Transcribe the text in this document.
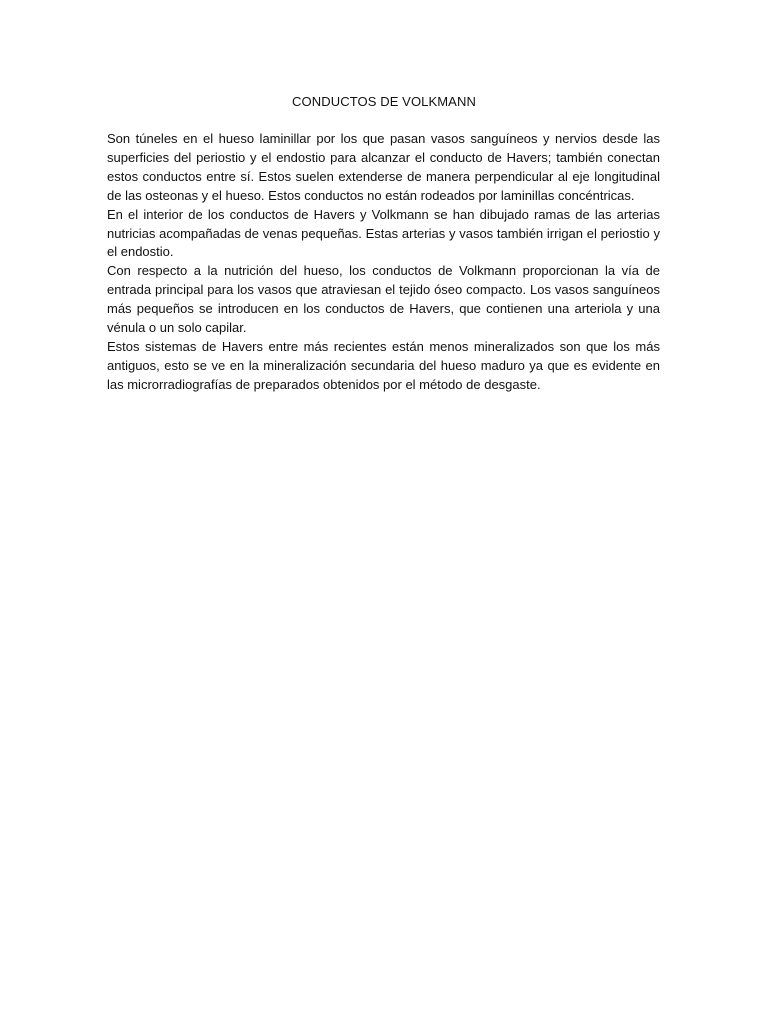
CONDUCTOS DE VOLKMANN

Son túneles en el hueso laminillar por los que pasan vasos sanguíneos y nervios desde las superficies del periostio y el endostio para alcanzar el conducto de Havers; también conectan estos conductos entre sí. Estos suelen extenderse de manera perpendicular al eje longitudinal de las osteonas y el hueso. Estos conductos no están rodeados por laminillas concéntricas.

En el interior de los conductos de Havers y Volkmann se han dibujado ramas de las arterias nutricias acompañadas de venas pequeñas. Estas arterias y vasos también irrigan el periostio y el endostio.

Con respecto a la nutrición del hueso, los conductos de Volkmann proporcionan la vía de entrada principal para los vasos que atraviesan el tejido óseo compacto. Los vasos sanguíneos más pequeños se introducen en los conductos de Havers, que contienen una arteriola y una vénula o un solo capilar.

Estos sistemas de Havers entre más recientes están menos mineralizados son que los más antiguos, esto se ve en la mineralización secundaria del hueso maduro ya que es evidente en las microrradiografías de preparados obtenidos por el método de desgaste.
